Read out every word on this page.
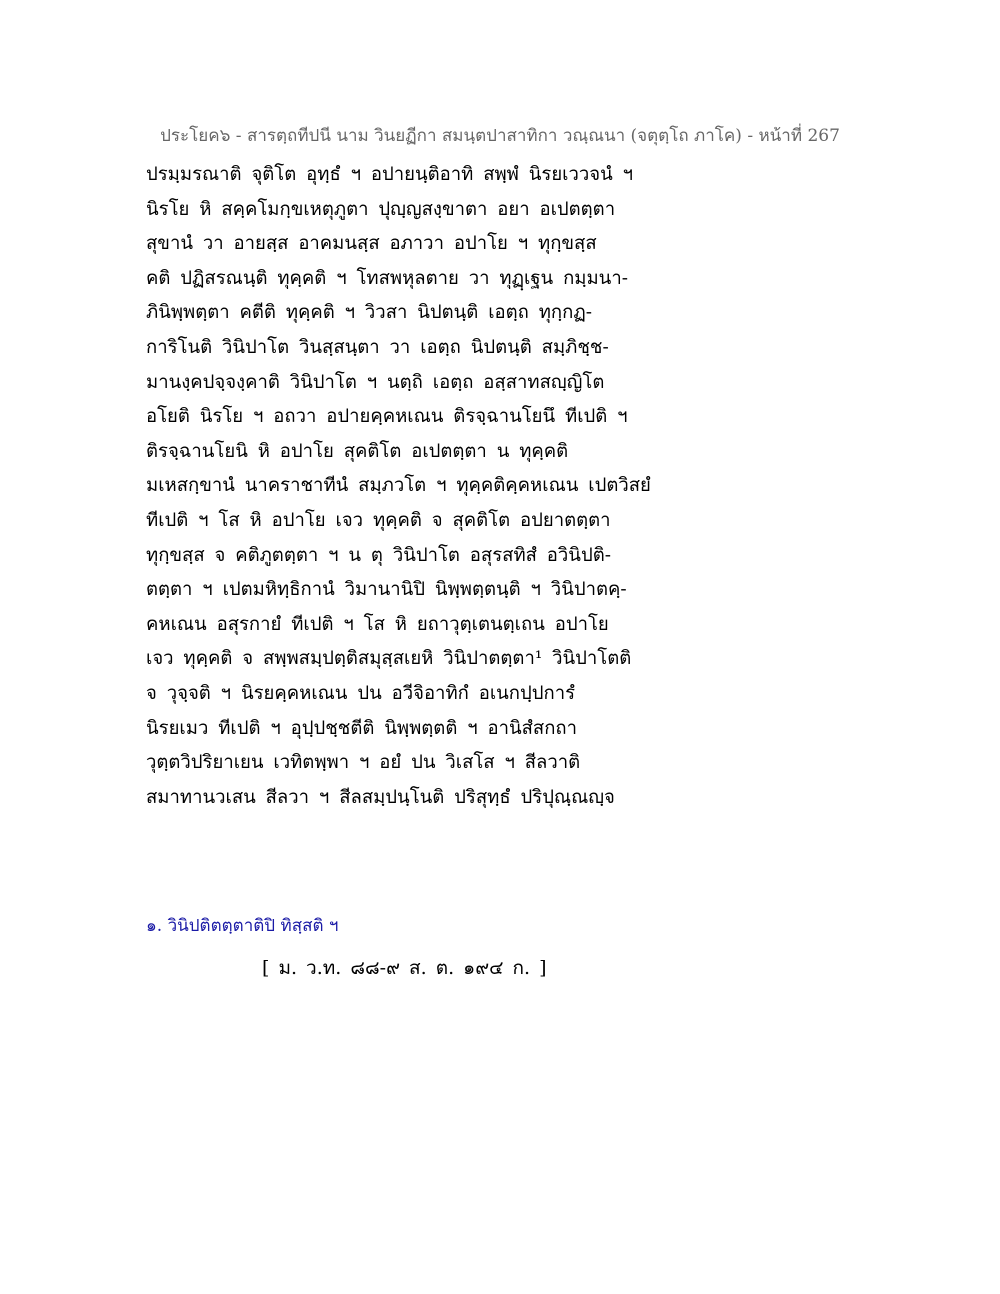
ประโยค๖ - สารตฺถทีปนี นาม วินยฏีกา สมนฺตปาสาทิกา วณฺณนา (จตุตฺโถ ภาโค) - หน้าที่ 267
ปรมฺมรณาติ จุติโต อุทฺธํ ฯ อปายนฺติอาทิ สพฺพํ นิรยเววจนํ ฯ
นิรโย หิ สคฺคโมกฺขเหตุภูตา ปุญฺญสงฺขาตา อยา อเปตตฺตา
สุขานํ วา อายสฺส อาคมนสฺส อภาวา อปาโย ฯ ทุกฺขสฺส
คติ ปฏิสรณนฺติ ทุคฺคติ ฯ โทสพหุลตาย วา ทุฏฺเฐน กมฺมนา-
ภินิพฺพตฺตา คตีติ ทุคฺคติ ฯ วิวสา นิปตนฺติ เอตฺถ ทุกฺกฏ-
การิโนติ วินิปาโต วินสฺสนฺตา วา เอตฺถ นิปตนฺติ สมฺภิชฺช-
มานงฺคปจฺจงฺคาติ วินิปาโต ฯ นตฺถิ เอตฺถ อสฺสาทสญฺญิโต
อโยติ นิรโย ฯ อถวา อปายคฺคหเณน ติรจฺฉานโยนึ ทีเปติ ฯ
ติรจฺฉานโยนิ หิ อปาโย สุคติโต อเปตตฺตา น ทุคฺคติ
มเหสกฺขานํ นาคราชาทีนํ สมฺภวโต ฯ ทุคฺคติคฺคหเณน เปตวิสยํ
ทีเปติ ฯ โส หิ อปาโย เจว ทุคฺคติ จ สุคติโต อปยาตตฺตา
ทุกฺขสฺส จ คติภูตตฺตา ฯ น ตุ วินิปาโต อสุรสทิสํ อวินิปติ-
ตตฺตา ฯ เปตมหิทฺธิกานํ วิมานานิปิ นิพฺพตฺตนฺติ ฯ วินิปาตคฺ-
คหเณน อสุรกายํ ทีเปติ ฯ โส หิ ยถาวุตฺเตนตฺเถน อปาโย
เจว ทุคฺคติ จ สพฺพสมฺปตฺติสมุสฺสเยหิ วินิปาตตฺตา¹ วินิปาโตติ
จ วุจฺจติ ฯ นิรยคฺคหเณน ปน อวีจิอาทิกํ อเนกปฺปการํ
นิรยเมว ทีเปติ ฯ อุปฺปชฺชตีติ นิพฺพตฺตติ ฯ อานิสํสกถา
วุตฺตวิปริยาเยน เวทิตพฺพา ฯ อยํ ปน วิเสโส ฯ สีลวาติ
สมาทานวเสน สีลวา ฯ สีลสมฺปนฺโนติ ปริสุทฺธํ ปริปุณฺณญฺจ
๑. วินิปติตตฺตาติปิ ทิสฺสติ ฯ
[ ม. ว.ท. ๘๘-๙ ส. ต. ๑๙๔ ก. ]
